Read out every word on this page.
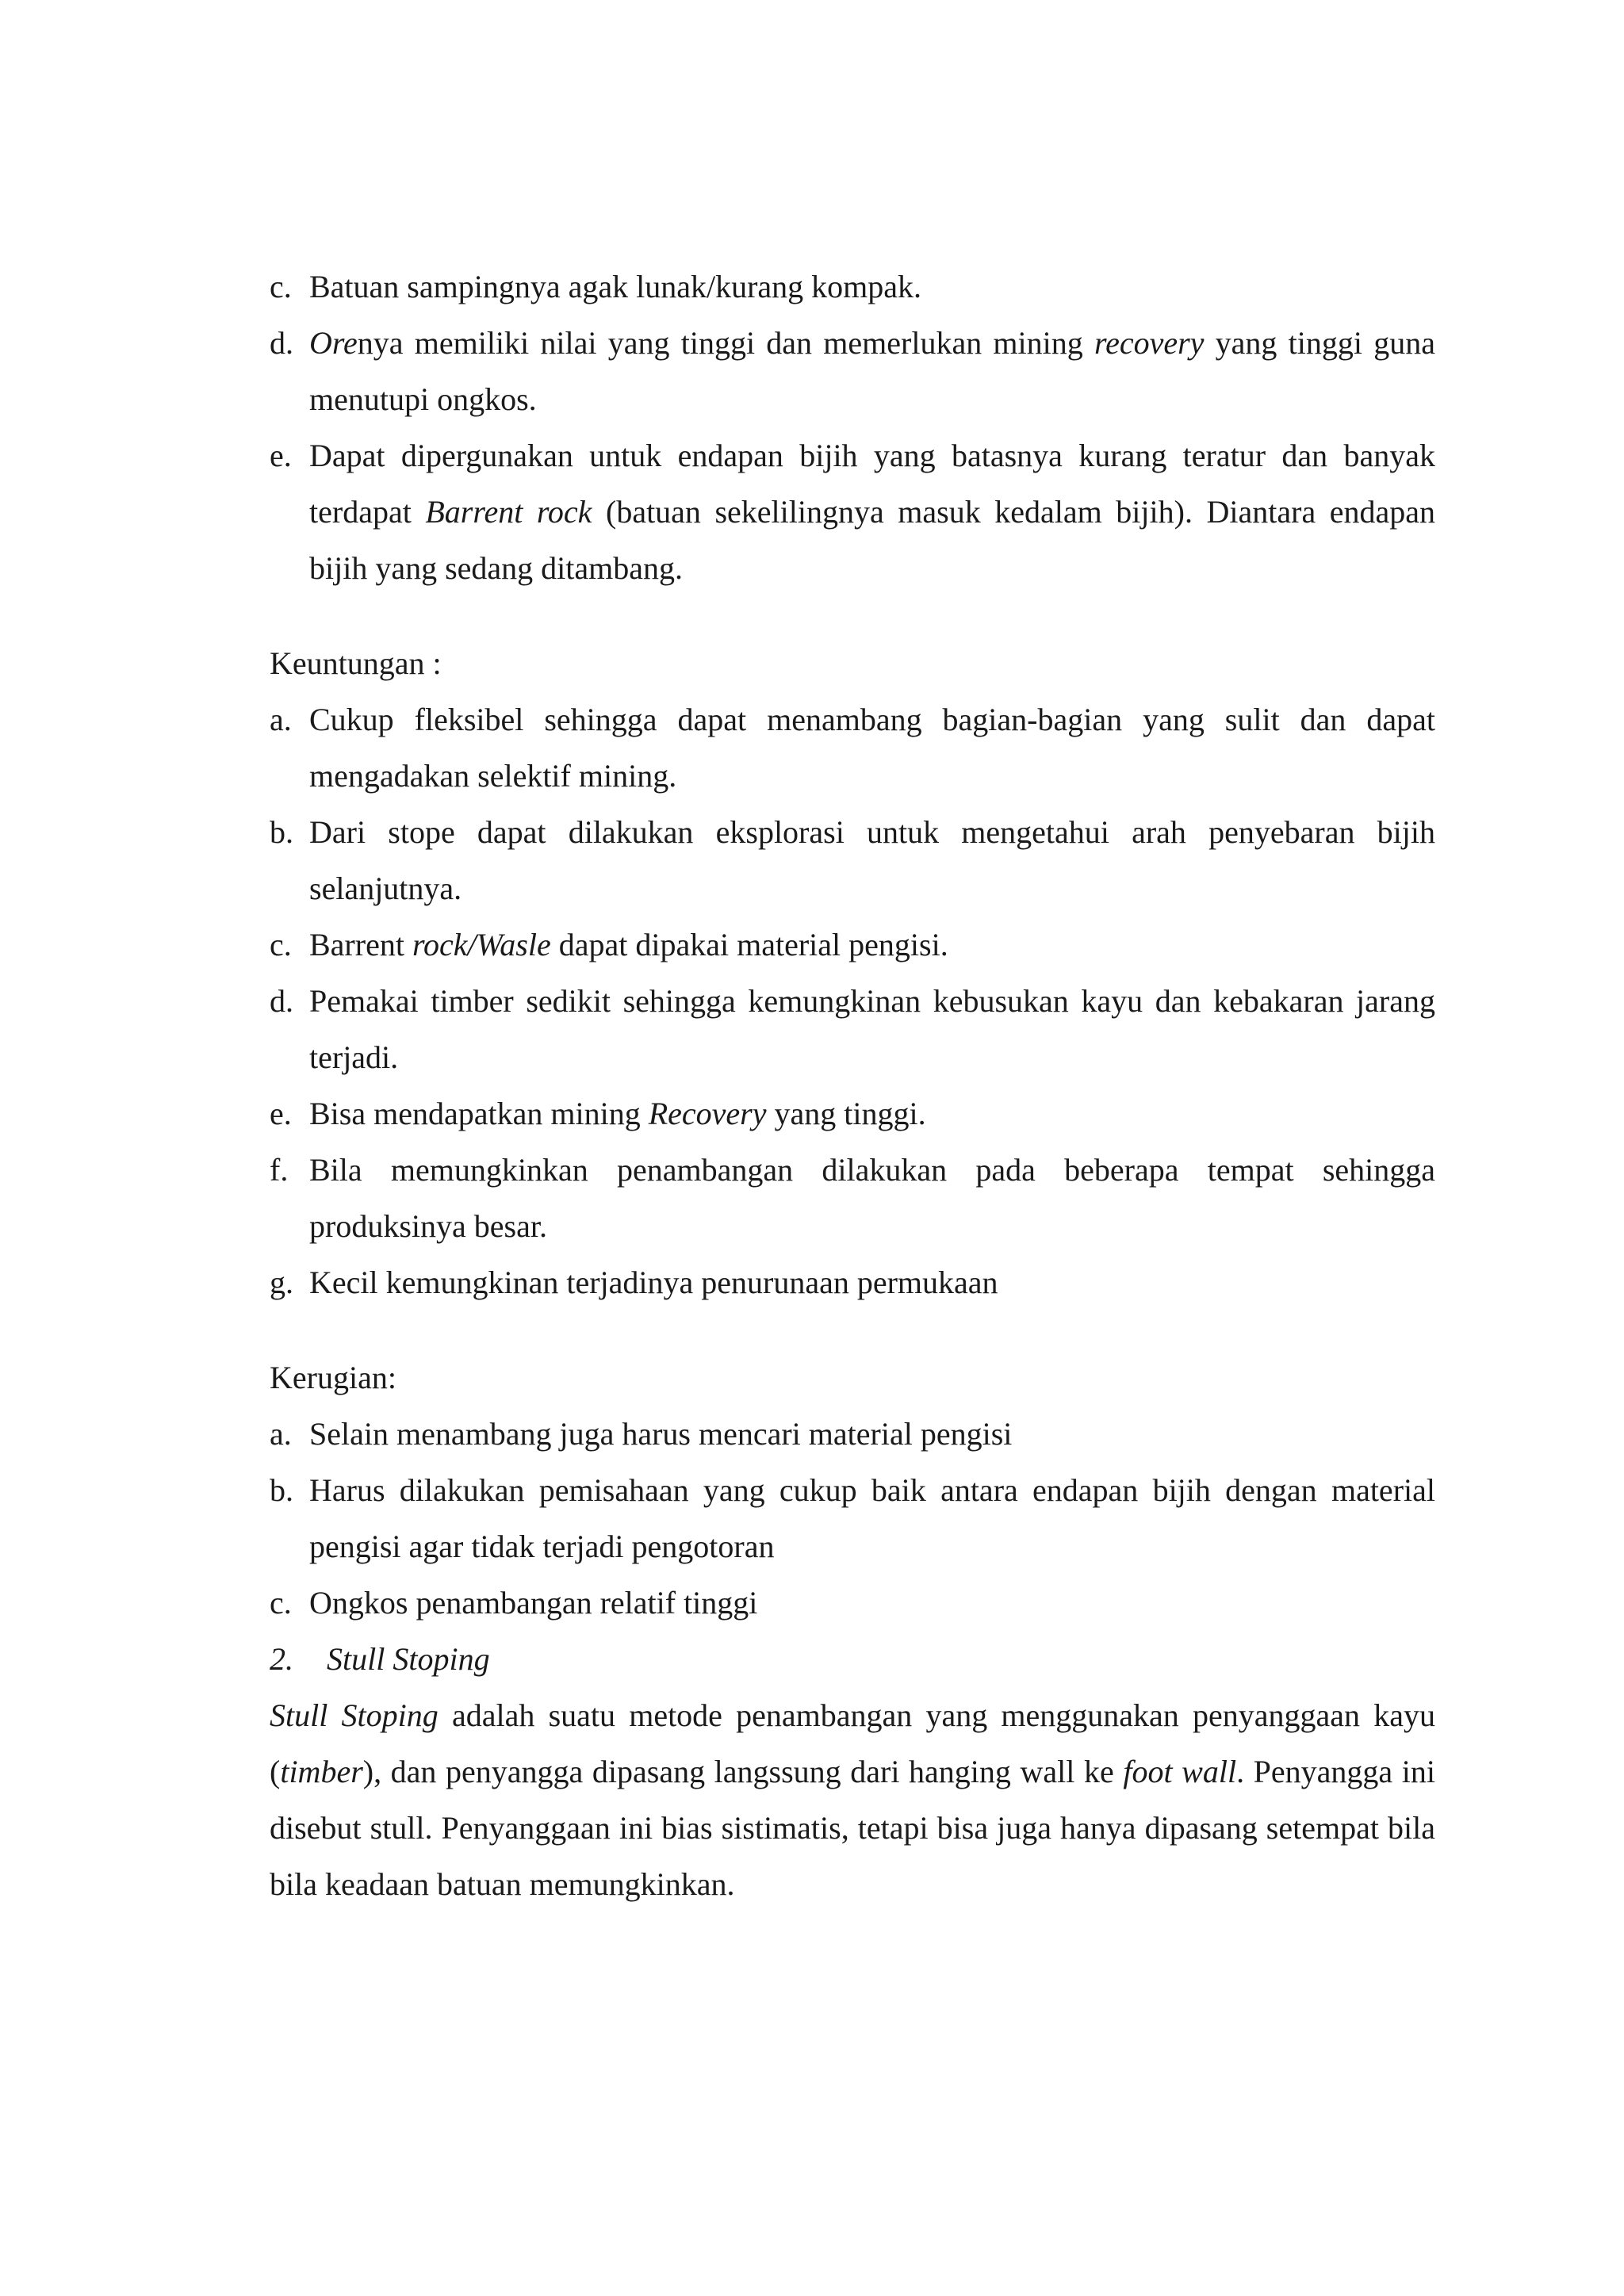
c. Batuan sampingnya agak lunak/kurang kompak.
d. Orenya memiliki nilai yang tinggi dan memerlukan mining recovery yang tinggi guna menutupi ongkos.
e. Dapat dipergunakan untuk endapan bijih yang batasnya kurang teratur dan banyak terdapat Barrent rock (batuan sekelilingnya masuk kedalam bijih). Diantara endapan bijih yang sedang ditambang.

Keuntungan :

a. Cukup fleksibel sehingga dapat menambang bagian-bagian yang sulit dan dapat mengadakan selektif mining.
b. Dari stope dapat dilakukan eksplorasi untuk mengetahui arah penyebaran bijih selanjutnya.
c. Barrent rock/Wasle dapat dipakai material pengisi.
d. Pemakai timber sedikit sehingga kemungkinan kebusukan kayu dan kebakaran jarang terjadi.
e. Bisa mendapatkan mining Recovery yang tinggi.
f. Bila memungkinkan penambangan dilakukan pada beberapa tempat sehingga produksinya besar.
g. Kecil kemungkinan terjadinya penurunaan permukaan

Kerugian:

a. Selain menambang juga harus mencari material pengisi
b. Harus dilakukan pemisahaan yang cukup baik antara endapan bijih dengan material pengisi agar tidak terjadi pengotoran
c. Ongkos penambangan relatif tinggi

2. Stull Stoping

Stull Stoping adalah suatu metode penambangan yang menggunakan penyanggaan kayu (timber), dan penyangga dipasang langssung dari hanging wall ke foot wall. Penyangga ini disebut stull. Penyanggaan ini bias sistimatis, tetapi bisa juga hanya dipasang setempat bila bila keadaan batuan memungkinkan.
